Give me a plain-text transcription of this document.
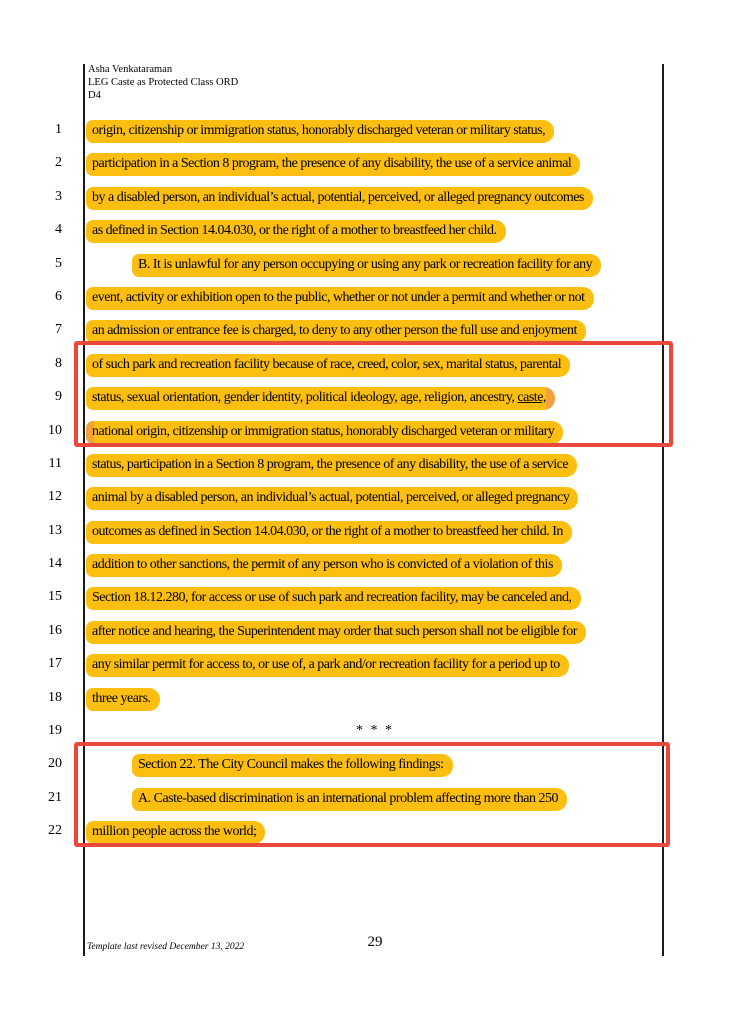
Asha Venkataraman
LEG Caste as Protected Class ORD
D4
1	origin, citizenship or immigration status, honorably discharged veteran or military status,
2	participation in a Section 8 program, the presence of any disability, the use of a service animal
3	by a disabled person, an individual’s actual, potential, perceived, or alleged pregnancy outcomes
4	as defined in Section 14.04.030, or the right of a mother to breastfeed her child.
5	B. It is unlawful for any person occupying or using any park or recreation facility for any
6	event, activity or exhibition open to the public, whether or not under a permit and whether or not
7	an admission or entrance fee is charged, to deny to any other person the full use and enjoyment
8	of such park and recreation facility because of race, creed, color, sex, marital status, parental
9	status, sexual orientation, gender identity, political ideology, age, religion, ancestry, caste,
10	national origin, citizenship or immigration status, honorably discharged veteran or military
11	status, participation in a Section 8 program, the presence of any disability, the use of a service
12	animal by a disabled person, an individual’s actual, potential, perceived, or alleged pregnancy
13	outcomes as defined in Section 14.04.030, or the right of a mother to breastfeed her child. In
14	addition to other sanctions, the permit of any person who is convicted of a violation of this
15	Section 18.12.280, for access or use of such park and recreation facility, may be canceled and,
16	after notice and hearing, the Superintendent may order that such person shall not be eligible for
17	any similar permit for access to, or use of, a park and/or recreation facility for a period up to
18	three years.
19	* * *
20	Section 22. The City Council makes the following findings:
21	A. Caste-based discrimination is an international problem affecting more than 250
22	million people across the world;
Template last revised December 13, 2022	29
